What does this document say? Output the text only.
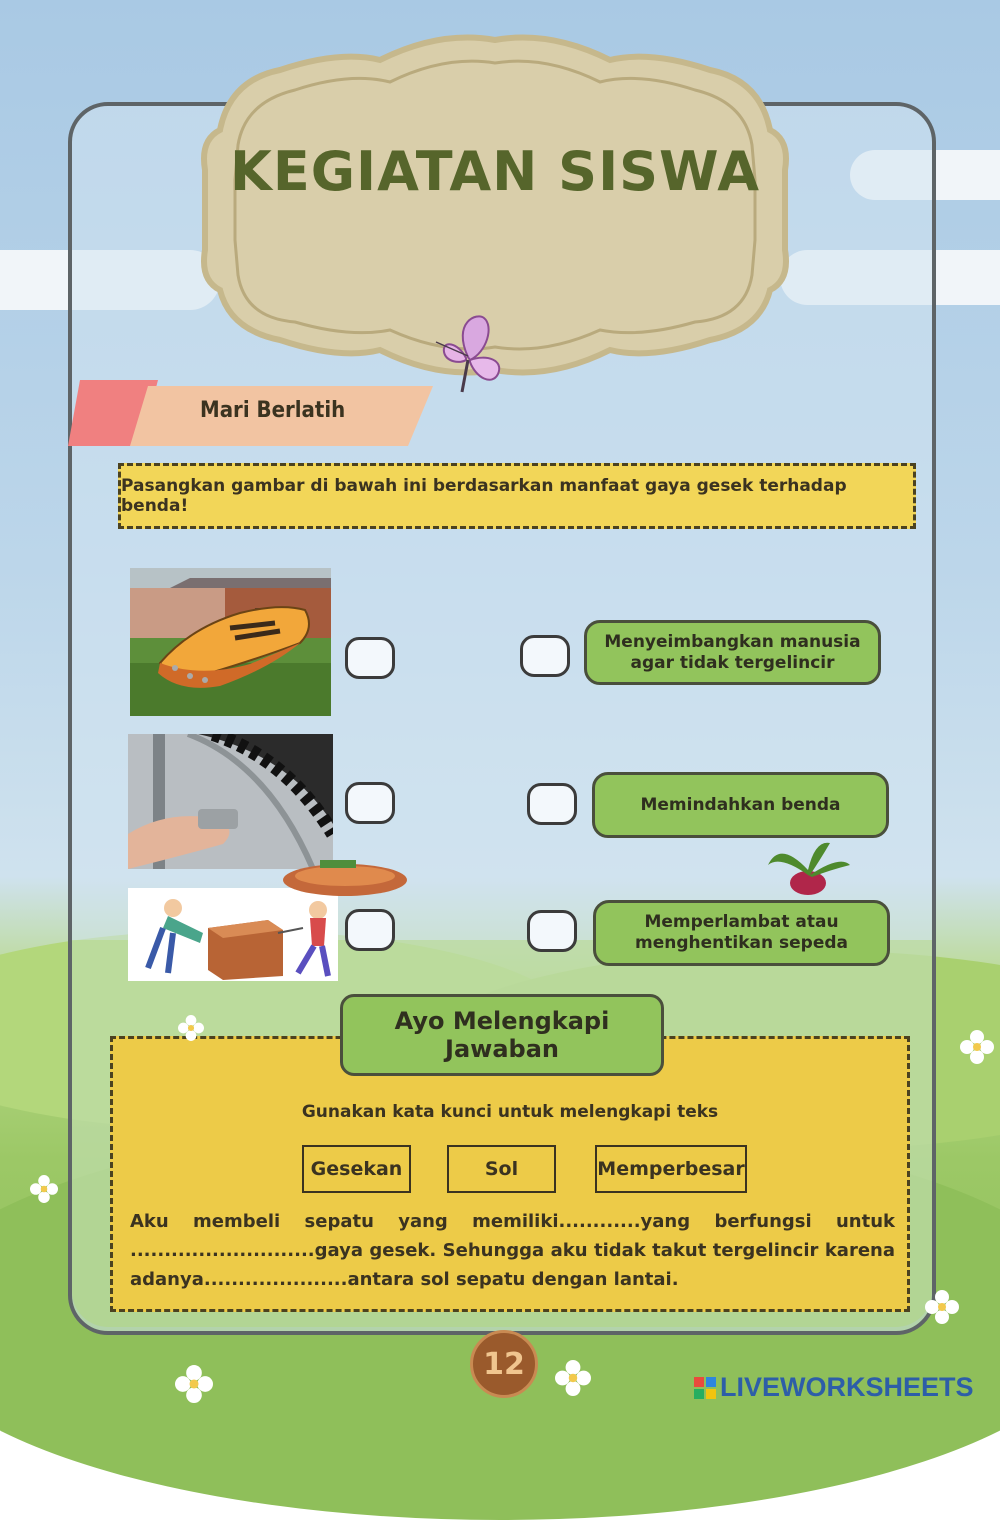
KEGIATAN SISWA
Mari Berlatih
Pasangkan gambar di bawah ini berdasarkan manfaat gaya gesek terhadap benda!
Menyeimbangkan manusia agar tidak tergelincir
Memindahkan benda
Memperlambat atau menghentikan sepeda
Ayo Melengkapi Jawaban
Gunakan kata kunci untuk melengkapi teks
Gesekan	Sol	Memperbesar
Aku membeli sepatu yang memiliki............yang berfungsi untuk ...........................gaya gesek. Sehungga aku tidak takut tergelincir karena adanya.....................antara sol sepatu dengan lantai.
12
LIVEWORKSHEETS
